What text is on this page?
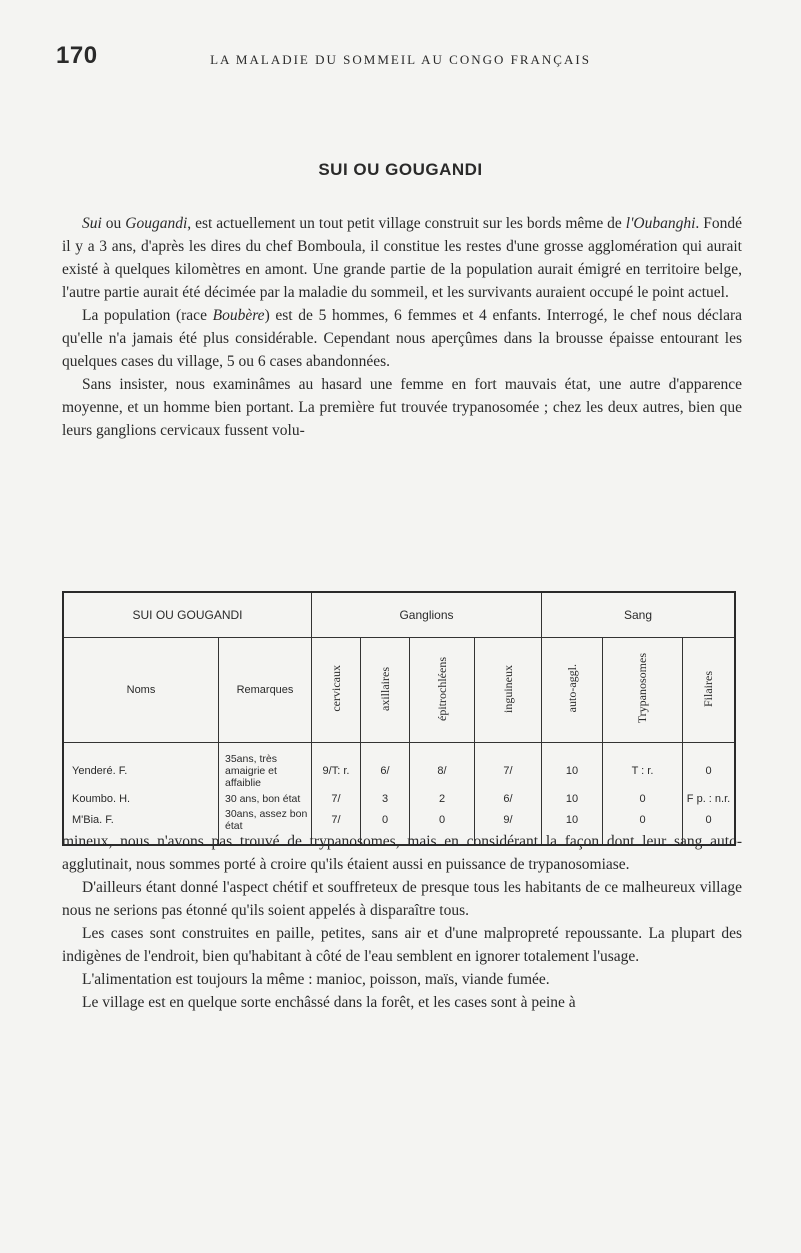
170	LA MALADIE DU SOMMEIL AU CONGO FRANÇAIS
SUI OU GOUGANDI

Sui ou Gougandi, est actuellement un tout petit village construit sur les bords même de l'Oubanghi. Fondé il y a 3 ans, d'après les dires du chef Bomboula, il constitue les restes d'une grosse agglomération qui aurait existé à quelques kilomètres en amont. Une grande partie de la population aurait émigré en territoire belge, l'autre partie aurait été décimée par la maladie du sommeil, et les survivants auraient occupé le point actuel.

La population (race Boubère) est de 5 hommes, 6 femmes et 4 enfants. Interrogé, le chef nous déclara qu'elle n'a jamais été plus considérable. Cependant nous aperçûmes dans la brousse épaisse entourant les quelques cases du village, 5 ou 6 cases abandonnées.

Sans insister, nous examinâmes au hasard une femme en fort mauvais état, une autre d'apparence moyenne, et un homme bien portant. La première fut trouvée trypanosomée ; chez les deux autres, bien que leurs ganglions cervicaux fussent volu-

SUI OU GOUGANDI		Ganglions				Sang		
Noms	Remarques	cervicaux	axillaires	épitrochléens	inguineux	auto-aggl.	Trypanosomes	Filaires
Yenderé. F.	35ans, très amaigrie et affaiblie	9/T: r.	6/	8/	7/	10	T : r.	0
Koumbo. H.	30 ans, bon état	7/	3	2	6/	10	0	F p. : n.r.
M'Bia. F.	30ans, assez bon état	7/	0	0	9/	10	0	0

mineux, nous n'avons pas trouvé de trypanosomes, mais en considérant la façon dont leur sang auto-agglutinait, nous sommes porté à croire qu'ils étaient aussi en puissance de trypanosomiase.

D'ailleurs étant donné l'aspect chétif et souffreteux de presque tous les habitants de ce malheureux village nous ne serions pas étonné qu'ils soient appelés à disparaître tous.

Les cases sont construites en paille, petites, sans air et d'une malpropreté repoussante. La plupart des indigènes de l'endroit, bien qu'habitant à côté de l'eau semblent en ignorer totalement l'usage.

L'alimentation est toujours la même : manioc, poisson, maïs, viande fumée.

Le village est en quelque sorte enchâssé dans la forêt, et les cases sont à peine à
